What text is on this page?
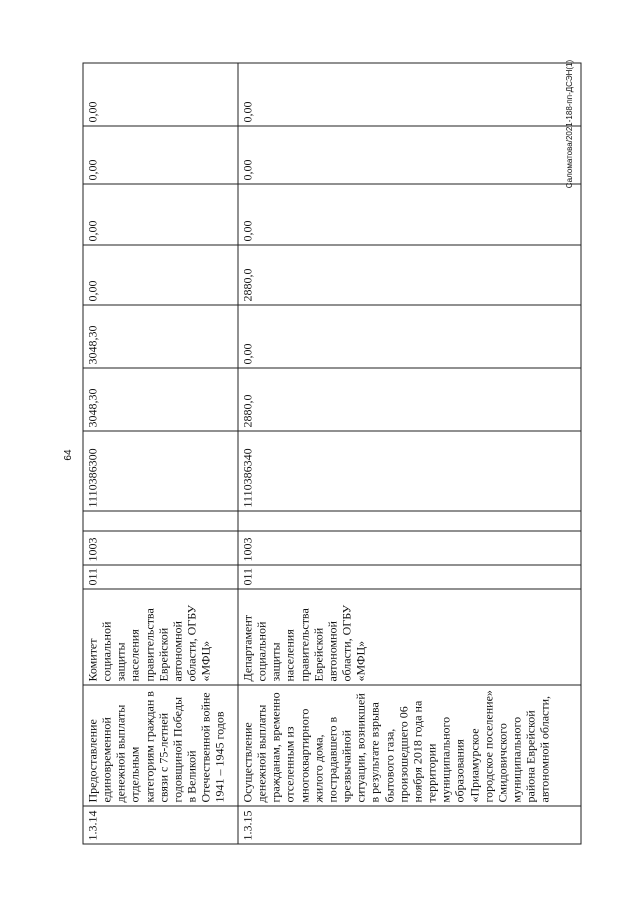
64
Саломатова/2021-188-пп-ДСЭН(1)
1.3.14	Предоставление единовременной денежной выплаты отдельным категориям граждан в связи с 75-летней годовщиной Победы в Великой Отечественной войне 1941 – 1945 годов	Комитет социальной защиты населения правительства Еврейской автономной области, ОГБУ «МФЦ»	011	1003		1110386300	3048,30	3048,30	0,00	0,00	0,00	0,00
1.3.15	Осуществление денежной выплаты гражданам, временно отселенным из многоквартирного жилого дома, пострадавшего в чрезвычайной ситуации, возникшей в результате взрыва бытового газа, произошедшего 06 ноября 2018 года на территории муниципального образования «Приамурское городское поселение» Смидовичского муниципального района Еврейской автономной области,	Департамент социальной защиты населения правительства Еврейской автономной области, ОГБУ «МФЦ»	011	1003		1110386340	2880,0	0,00	2880,0	0,00	0,00	0,00
